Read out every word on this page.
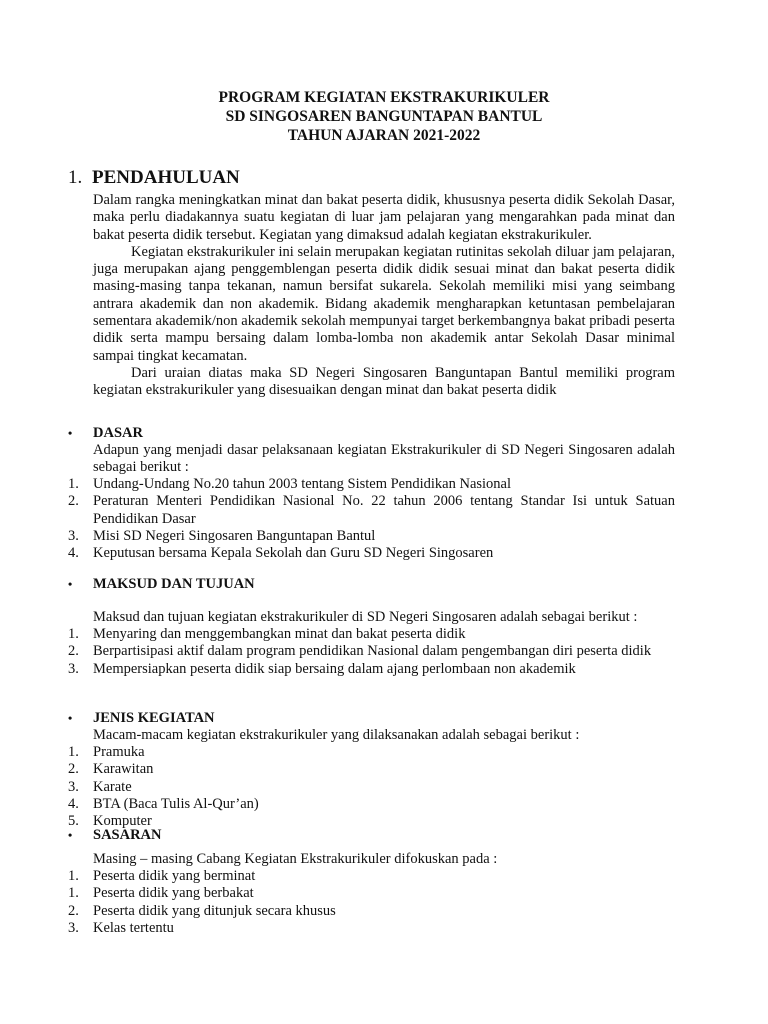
PROGRAM KEGIATAN EKSTRAKURIKULER
SD SINGOSAREN BANGUNTAPAN BANTUL
TAHUN AJARAN 2021-2022
1. PENDAHULUAN

Dalam rangka meningkatkan minat dan bakat peserta didik, khususnya peserta didik Sekolah Dasar, maka perlu diadakannya suatu kegiatan di luar jam pelajaran yang mengarahkan pada minat dan bakat peserta didik tersebut. Kegiatan yang dimaksud adalah kegiatan ekstrakurikuler.

Kegiatan ekstrakurikuler ini selain merupakan kegiatan rutinitas sekolah diluar jam pelajaran, juga merupakan ajang penggemblengan peserta didik didik sesuai minat dan bakat peserta didik masing-masing tanpa tekanan, namun bersifat sukarela. Sekolah memiliki misi yang seimbang antrara akademik dan non akademik. Bidang akademik mengharapkan ketuntasan pembelajaran sementara akademik/non akademik sekolah mempunyai target berkembangnya bakat pribadi peserta didik serta mampu bersaing dalam lomba-lomba non akademik antar Sekolah Dasar minimal sampai tingkat kecamatan.

Dari uraian diatas maka SD Negeri Singosaren Banguntapan Bantul memiliki program kegiatan ekstrakurikuler yang disesuaikan dengan minat dan bakat peserta didik

• DASAR

Adapun yang menjadi dasar pelaksanaan kegiatan Ekstrakurikuler di SD Negeri Singosaren adalah sebagai berikut :

1. Undang-Undang No.20 tahun 2003 tentang Sistem Pendidikan Nasional
2. Peraturan Menteri Pendidikan Nasional No. 22 tahun 2006 tentang Standar Isi untuk Satuan Pendidikan Dasar
3. Misi SD Negeri Singosaren Banguntapan Bantul
4. Keputusan bersama Kepala Sekolah dan Guru SD Negeri Singosaren
• MAKSUD DAN TUJUAN

Maksud dan tujuan kegiatan ekstrakurikuler di SD Negeri Singosaren adalah sebagai berikut :

1. Menyaring dan menggembangkan minat dan bakat peserta didik
2. Berpartisipasi aktif dalam program pendidikan Nasional dalam pengembangan diri peserta didik
3. Mempersiapkan peserta didik siap bersaing dalam ajang perlombaan non akademik
• JENIS KEGIATAN

Macam-macam kegiatan ekstrakurikuler yang dilaksanakan adalah sebagai berikut :

1. Pramuka
2. Karawitan
3. Karate
4. BTA (Baca Tulis Al-Qur’an)
5. Komputer
• SASARAN

Masing – masing Cabang Kegiatan Ekstrakurikuler difokuskan pada :

1. Peserta didik yang berminat
1. Peserta didik yang berbakat
2. Peserta didik yang ditunjuk secara khusus
3. Kelas tertentu
